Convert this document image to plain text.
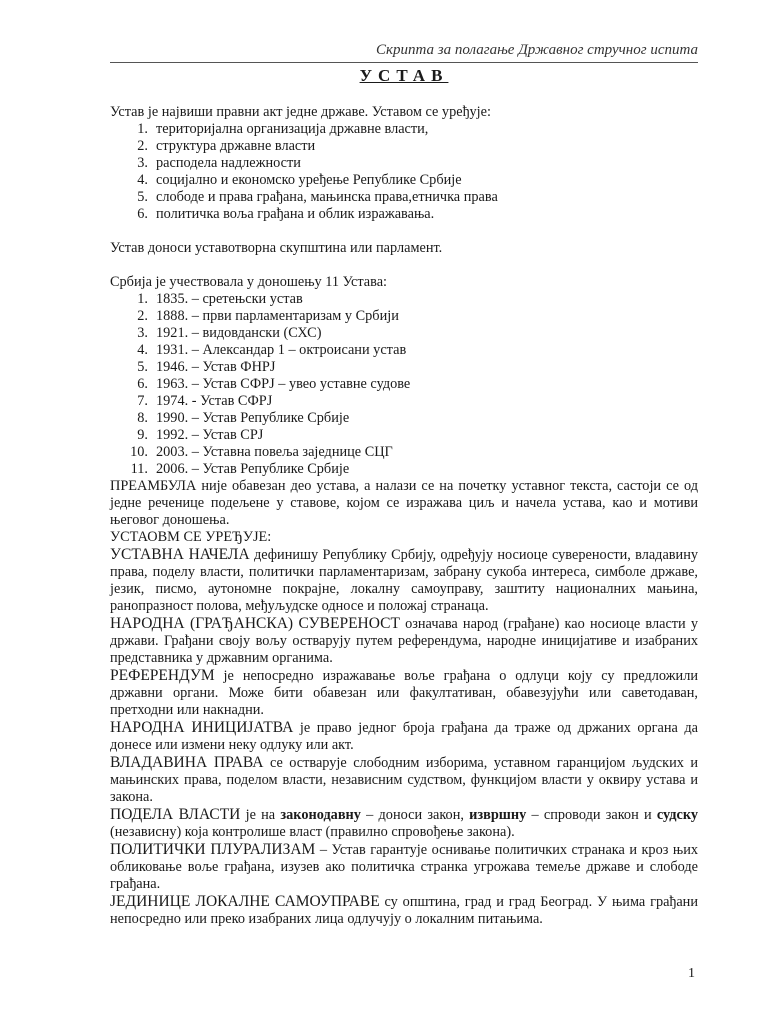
Скрипта за полагање Државног стручног испита
УСТАВ

Устав је највиши правни акт једне државе. Уставом се уређује:

1. територијална организација државне власти,
2. структура државне власти
3. расподела надлежности
4. социјално и економско уређење Републике Србије
5. слободе и права грађана, мањинска права,етничка права
6. политичка воља грађана и облик изражавања.

Устав доноси уставотворна скупштина или парламент.

Србија је учествовала у доношењу 11 Устава:

1. 1835. – сретењски устав
2. 1888. – први парламентаризам у Србији
3. 1921. – видовдански (СХС)
4. 1931. – Александар 1 – октроисани устав
5. 1946. – Устав ФНРЈ
6. 1963. – Устав СФРЈ – увео уставне судове
7. 1974. - Устав СФРЈ
8. 1990. – Устав Републике Србије
9. 1992. – Устав СРЈ
10. 2003. – Уставна повеља заједнице СЦГ
11. 2006. – Устав Републике Србије

ПРЕАМБУЛА није обавезан део устава, а налази се на почетку уставног текста, састоји се од једне реченице подељене у ставове, којом се изражава циљ и начела устава, као и мотиви његовог доношења.

УСТАОВМ СЕ УРЕЂУЈЕ:

УСТАВНА НАЧЕЛА дефинишу Републику Србију, одређују носиоце суверености, владавину права, поделу власти, политички парламентаризам, забрану сукоба интереса, симболе државе, језик, писмо, аутономне покрајне, локалну самоуправу, заштиту националних мањина, ранопразност полова, међуљудске односе и положај странаца.

НАРОДНА (ГРАЂАНСКА) СУВЕРЕНОСТ означава народ (грађане) као носиоце власти у држави. Грађани своју вољу остварују путем референдума, народне иницијативе и изабраних представника у државним органима.

РЕФЕРЕНДУМ је непосредно изражавање воље грађана о одлуци коју су предложили државни органи. Може бити обавезан или факултативан, обавезујући или саветодаван, претходни или накнадни.

НАРОДНА ИНИЦИЈАТВА је право једног броја грађана да траже од држаних органа да донесе или измени неку одлуку или акт.

ВЛАДАВИНА ПРАВА се остварује слободним изборима, уставном гаранцијом људских и мањинских права, поделом власти, независним судством, функцијом власти у оквиру устава и закона.

ПОДЕЛА ВЛАСТИ је на законодавну – доноси закон, извршну – спроводи закон и судску (независну) која контролише власт (правилно спровођење закона).

ПОЛИТИЧКИ ПЛУРАЛИЗАМ – Устав гарантује оснивање политичких странака и кроз њих обликовање воље грађана, изузев ако политичка странка угрожава темеље државе и слободе грађана.

ЈЕДИНИЦЕ ЛОКАЛНЕ САМОУПРАВЕ су општина, град и град Београд. У њима грађани непосредно или преко изабраних лица одлучују о локалним питањима.

1
